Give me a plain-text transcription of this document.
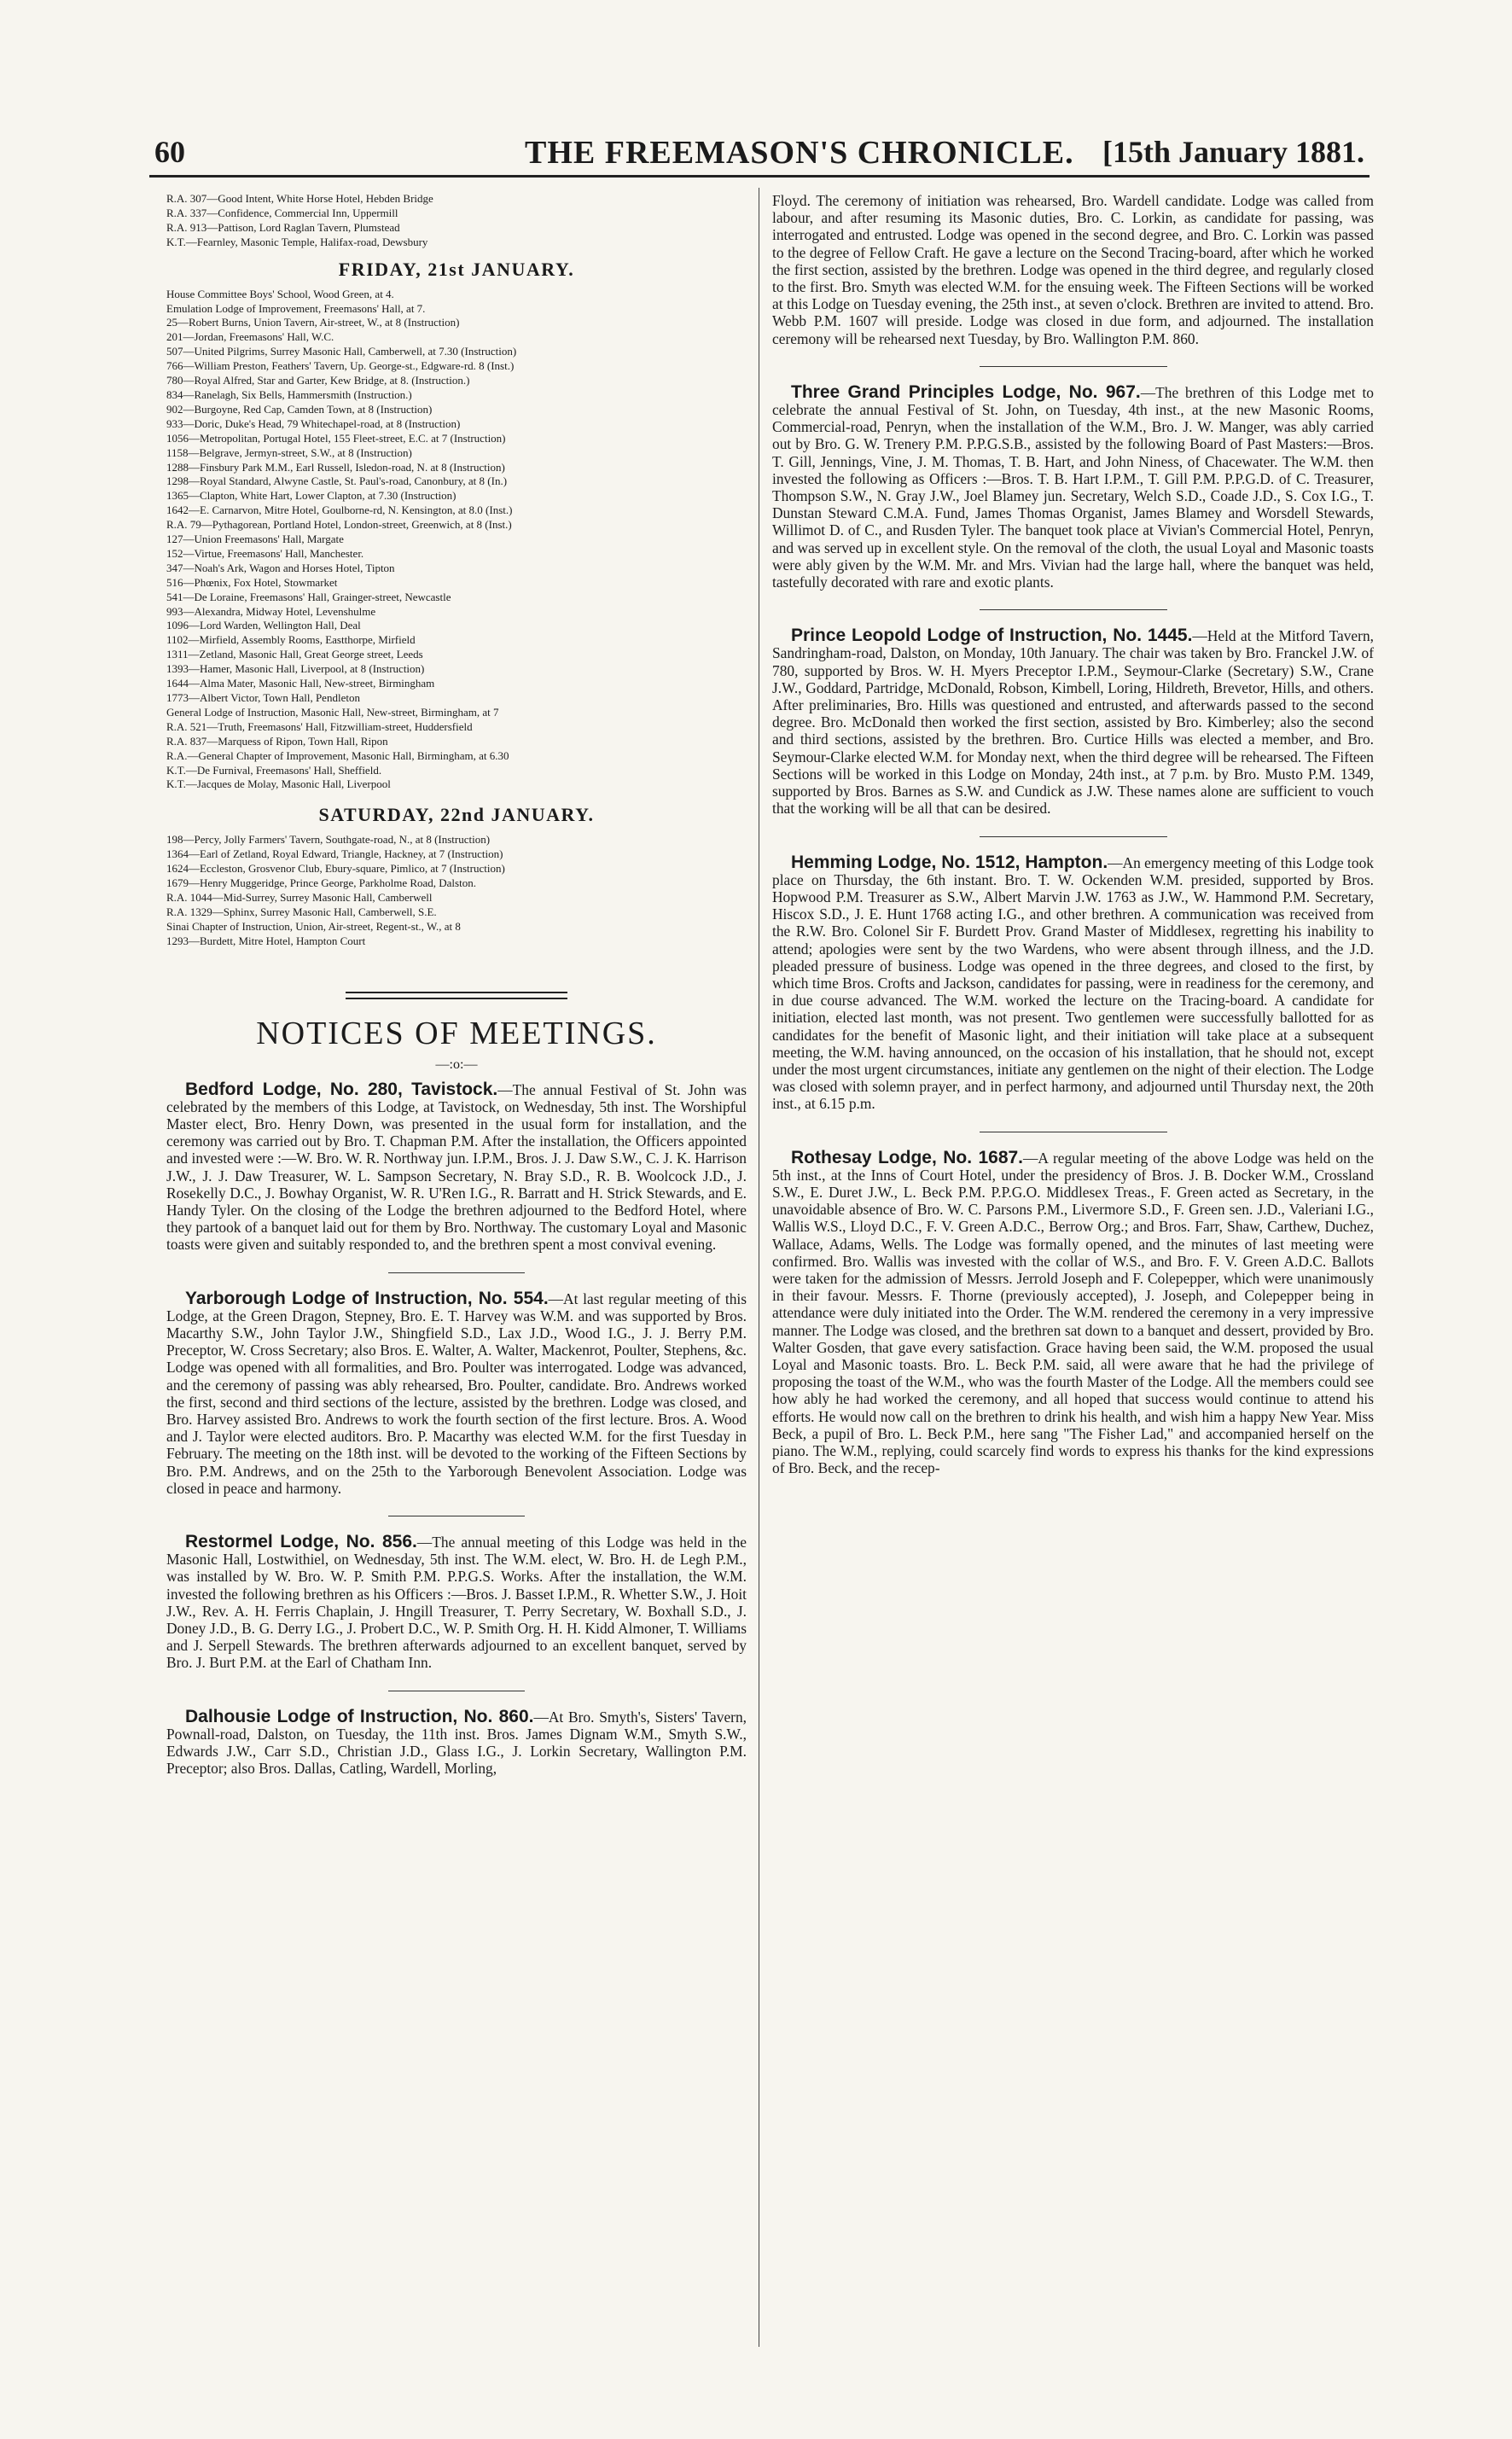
60	THE FREEMASON'S CHRONICLE. [15th January 1881.
R.A. 307—Good Intent, White Horse Hotel, Hebden Bridge
R.A. 337—Confidence, Commercial Inn, Uppermill
R.A. 913—Pattison, Lord Raglan Tavern, Plumstead
K.T.—Fearnley, Masonic Temple, Halifax-road, Dewsbury
FRIDAY, 21st JANUARY.
House Committee Boys' School, Wood Green, at 4.
Emulation Lodge of Improvement, Freemasons' Hall, at 7.
25—Robert Burns, Union Tavern, Air-street, W., at 8 (Instruction)
201—Jordan, Freemasons' Hall, W.C.
507—United Pilgrims, Surrey Masonic Hall, Camberwell, at 7.30 (Instruction)
766—William Preston, Feathers' Tavern, Up. George-st., Edgware-rd. 8 (Inst.)
780—Royal Alfred, Star and Garter, Kew Bridge, at 8. (Instruction.)
834—Ranelagh, Six Bells, Hammersmith (Instruction.)
902—Burgoyne, Red Cap, Camden Town, at 8 (Instruction)
933—Doric, Duke's Head, 79 Whitechapel-road, at 8 (Instruction)
1056—Metropolitan, Portugal Hotel, 155 Fleet-street, E.C. at 7 (Instruction)
1158—Belgrave, Jermyn-street, S.W., at 8 (Instruction)
1288—Finsbury Park M.M., Earl Russell, Isledon-road, N. at 8 (Instruction)
1298—Royal Standard, Alwyne Castle, St. Paul's-road, Canonbury, at 8 (In.)
1365—Clapton, White Hart, Lower Clapton, at 7.30 (Instruction)
1642—E. Carnarvon, Mitre Hotel, Goulborne-rd, N. Kensington, at 8.0 (Inst.)
R.A. 79—Pythagorean, Portland Hotel, London-street, Greenwich, at 8 (Inst.)
127—Union Freemasons' Hall, Margate
152—Virtue, Freemasons' Hall, Manchester.
347—Noah's Ark, Wagon and Horses Hotel, Tipton
516—Phœnix, Fox Hotel, Stowmarket
541—De Loraine, Freemasons' Hall, Grainger-street, Newcastle
993—Alexandra, Midway Hotel, Levenshulme
1096—Lord Warden, Wellington Hall, Deal
1102—Mirfield, Assembly Rooms, Eastthorpe, Mirfield
1311—Zetland, Masonic Hall, Great George street, Leeds
1393—Hamer, Masonic Hall, Liverpool, at 8 (Instruction)
1644—Alma Mater, Masonic Hall, New-street, Birmingham
1773—Albert Victor, Town Hall, Pendleton
General Lodge of Instruction, Masonic Hall, New-street, Birmingham, at 7
R.A. 521—Truth, Freemasons' Hall, Fitzwilliam-street, Huddersfield
R.A. 837—Marquess of Ripon, Town Hall, Ripon
R.A.—General Chapter of Improvement, Masonic Hall, Birmingham, at 6.30
K.T.—De Furnival, Freemasons' Hall, Sheffield.
K.T.—Jacques de Molay, Masonic Hall, Liverpool
SATURDAY, 22nd JANUARY.
198—Percy, Jolly Farmers' Tavern, Southgate-road, N., at 8 (Instruction)
1364—Earl of Zetland, Royal Edward, Triangle, Hackney, at 7 (Instruction)
1624—Eccleston, Grosvenor Club, Ebury-square, Pimlico, at 7 (Instruction)
1679—Henry Muggeridge, Prince George, Parkholme Road, Dalston.
R.A. 1044—Mid-Surrey, Surrey Masonic Hall, Camberwell
R.A. 1329—Sphinx, Surrey Masonic Hall, Camberwell, S.E.
Sinai Chapter of Instruction, Union, Air-street, Regent-st., W., at 8
1293—Burdett, Mitre Hotel, Hampton Court
NOTICES OF MEETINGS.
—:o:—

Bedford Lodge, No. 280, Tavistock.—The annual Festival of St. John was celebrated by the members of this Lodge, at Tavistock, on Wednesday, 5th inst. The Worshipful Master elect, Bro. Henry Down, was presented in the usual form for installation, and the ceremony was carried out by Bro. T. Chapman P.M. After the installation, the Officers appointed and invested were :—W. Bro. W. R. Northway jun. I.P.M., Bros. J. J. Daw S.W., C. J. K. Harrison J.W., J. J. Daw Treasurer, W. L. Sampson Secretary, N. Bray S.D., R. B. Woolcock J.D., J. Rosekelly D.C., J. Bowhay Organist, W. R. U'Ren I.G., R. Barratt and H. Strick Stewards, and E. Handy Tyler. On the closing of the Lodge the brethren adjourned to the Bedford Hotel, where they partook of a banquet laid out for them by Bro. Northway. The customary Loyal and Masonic toasts were given and suitably responded to, and the brethren spent a most convival evening.

Yarborough Lodge of Instruction, No. 554.—At last regular meeting of this Lodge, at the Green Dragon, Stepney, Bro. E. T. Harvey was W.M. and was supported by Bros. Macarthy S.W., John Taylor J.W., Shingfield S.D., Lax J.D., Wood I.G., J. J. Berry P.M. Preceptor, W. Cross Secretary; also Bros. E. Walter, A. Walter, Mackenrot, Poulter, Stephens, &c. Lodge was opened with all formalities, and Bro. Poulter was interrogated. Lodge was advanced, and the ceremony of passing was ably rehearsed, Bro. Poulter, candidate. Bro. Andrews worked the first, second and third sections of the lecture, assisted by the brethren. Lodge was closed, and Bro. Harvey assisted Bro. Andrews to work the fourth section of the first lecture. Bros. A. Wood and J. Taylor were elected auditors. Bro. P. Macarthy was elected W.M. for the first Tuesday in February. The meeting on the 18th inst. will be devoted to the working of the Fifteen Sections by Bro. P.M. Andrews, and on the 25th to the Yarborough Benevolent Association. Lodge was closed in peace and harmony.

Restormel Lodge, No. 856.—The annual meeting of this Lodge was held in the Masonic Hall, Lostwithiel, on Wednesday, 5th inst. The W.M. elect, W. Bro. H. de Legh P.M., was installed by W. Bro. W. P. Smith P.M. P.P.G.S. Works. After the installation, the W.M. invested the following brethren as his Officers :—Bros. J. Basset I.P.M., R. Whetter S.W., J. Hoit J.W., Rev. A. H. Ferris Chaplain, J. Hngill Treasurer, T. Perry Secretary, W. Boxhall S.D., J. Doney J.D., B. G. Derry I.G., J. Probert D.C., W. P. Smith Org. H. H. Kidd Almoner, T. Williams and J. Serpell Stewards. The brethren afterwards adjourned to an excellent banquet, served by Bro. J. Burt P.M. at the Earl of Chatham Inn.

Dalhousie Lodge of Instruction, No. 860.—At Bro. Smyth's, Sisters' Tavern, Pownall-road, Dalston, on Tuesday, the 11th inst. Bros. James Dignam W.M., Smyth S.W., Edwards J.W., Carr S.D., Christian J.D., Glass I.G., J. Lorkin Secretary, Wallington P.M. Preceptor; also Bros. Dallas, Catling, Wardell, Morling,

Floyd. The ceremony of initiation was rehearsed, Bro. Wardell candidate. Lodge was called from labour, and after resuming its Masonic duties, Bro. C. Lorkin, as candidate for passing, was interrogated and entrusted. Lodge was opened in the second degree, and Bro. C. Lorkin was passed to the degree of Fellow Craft. He gave a lecture on the Second Tracing-board, after which he worked the first section, assisted by the brethren. Lodge was opened in the third degree, and regularly closed to the first. Bro. Smyth was elected W.M. for the ensuing week. The Fifteen Sections will be worked at this Lodge on Tuesday evening, the 25th inst., at seven o'clock. Brethren are invited to attend. Bro. Webb P.M. 1607 will preside. Lodge was closed in due form, and adjourned. The installation ceremony will be rehearsed next Tuesday, by Bro. Wallington P.M. 860.

Three Grand Principles Lodge, No. 967.—The brethren of this Lodge met to celebrate the annual Festival of St. John, on Tuesday, 4th inst., at the new Masonic Rooms, Commercial-road, Penryn, when the installation of the W.M., Bro. J. W. Manger, was ably carried out by Bro. G. W. Trenery P.M. P.P.G.S.B., assisted by the following Board of Past Masters:—Bros. T. Gill, Jennings, Vine, J. M. Thomas, T. B. Hart, and John Niness, of Chacewater. The W.M. then invested the following as Officers :—Bros. T. B. Hart I.P.M., T. Gill P.M. P.P.G.D. of C. Treasurer, Thompson S.W., N. Gray J.W., Joel Blamey jun. Secretary, Welch S.D., Coade J.D., S. Cox I.G., T. Dunstan Steward C.M.A. Fund, James Thomas Organist, James Blamey and Worsdell Stewards, Willimot D. of C., and Rusden Tyler. The banquet took place at Vivian's Commercial Hotel, Penryn, and was served up in excellent style. On the removal of the cloth, the usual Loyal and Masonic toasts were ably given by the W.M. Mr. and Mrs. Vivian had the large hall, where the banquet was held, tastefully decorated with rare and exotic plants.

Prince Leopold Lodge of Instruction, No. 1445.—Held at the Mitford Tavern, Sandringham-road, Dalston, on Monday, 10th January. The chair was taken by Bro. Franckel J.W. of 780, supported by Bros. W. H. Myers Preceptor I.P.M., Seymour-Clarke (Secretary) S.W., Crane J.W., Goddard, Partridge, McDonald, Robson, Kimbell, Loring, Hildreth, Brevetor, Hills, and others. After preliminaries, Bro. Hills was questioned and entrusted, and afterwards passed to the second degree. Bro. McDonald then worked the first section, assisted by Bro. Kimberley; also the second and third sections, assisted by the brethren. Bro. Curtice Hills was elected a member, and Bro. Seymour-Clarke elected W.M. for Monday next, when the third degree will be rehearsed. The Fifteen Sections will be worked in this Lodge on Monday, 24th inst., at 7 p.m. by Bro. Musto P.M. 1349, supported by Bros. Barnes as S.W. and Cundick as J.W. These names alone are sufficient to vouch that the working will be all that can be desired.

Hemming Lodge, No. 1512, Hampton.—An emergency meeting of this Lodge took place on Thursday, the 6th instant. Bro. T. W. Ockenden W.M. presided, supported by Bros. Hopwood P.M. Treasurer as S.W., Albert Marvin J.W. 1763 as J.W., W. Hammond P.M. Secretary, Hiscox S.D., J. E. Hunt 1768 acting I.G., and other brethren. A communication was received from the R.W. Bro. Colonel Sir F. Burdett Prov. Grand Master of Middlesex, regretting his inability to attend; apologies were sent by the two Wardens, who were absent through illness, and the J.D. pleaded pressure of business. Lodge was opened in the three degrees, and closed to the first, by which time Bros. Crofts and Jackson, candidates for passing, were in readiness for the ceremony, and in due course advanced. The W.M. worked the lecture on the Tracing-board. A candidate for initiation, elected last month, was not present. Two gentlemen were successfully ballotted for as candidates for the benefit of Masonic light, and their initiation will take place at a subsequent meeting, the W.M. having announced, on the occasion of his installation, that he should not, except under the most urgent circumstances, initiate any gentlemen on the night of their election. The Lodge was closed with solemn prayer, and in perfect harmony, and adjourned until Thursday next, the 20th inst., at 6.15 p.m.

Rothesay Lodge, No. 1687.—A regular meeting of the above Lodge was held on the 5th inst., at the Inns of Court Hotel, under the presidency of Bros. J. B. Docker W.M., Crossland S.W., E. Duret J.W., L. Beck P.M. P.P.G.O. Middlesex Treas., F. Green acted as Secretary, in the unavoidable absence of Bro. W. C. Parsons P.M., Livermore S.D., F. Green sen. J.D., Valeriani I.G., Wallis W.S., Lloyd D.C., F. V. Green A.D.C., Berrow Org.; and Bros. Farr, Shaw, Carthew, Duchez, Wallace, Adams, Wells. The Lodge was formally opened, and the minutes of last meeting were confirmed. Bro. Wallis was invested with the collar of W.S., and Bro. F. V. Green A.D.C. Ballots were taken for the admission of Messrs. Jerrold Joseph and F. Colepepper, which were unanimously in their favour. Messrs. F. Thorne (previously accepted), J. Joseph, and Colepepper being in attendance were duly initiated into the Order. The W.M. rendered the ceremony in a very impressive manner. The Lodge was closed, and the brethren sat down to a banquet and dessert, provided by Bro. Walter Gosden, that gave every satisfaction. Grace having been said, the W.M. proposed the usual Loyal and Masonic toasts. Bro. L. Beck P.M. said, all were aware that he had the privilege of proposing the toast of the W.M., who was the fourth Master of the Lodge. All the members could see how ably he had worked the ceremony, and all hoped that success would continue to attend his efforts. He would now call on the brethren to drink his health, and wish him a happy New Year. Miss Beck, a pupil of Bro. L. Beck P.M., here sang "The Fisher Lad," and accompanied herself on the piano. The W.M., replying, could scarcely find words to express his thanks for the kind expressions of Bro. Beck, and the recep-
